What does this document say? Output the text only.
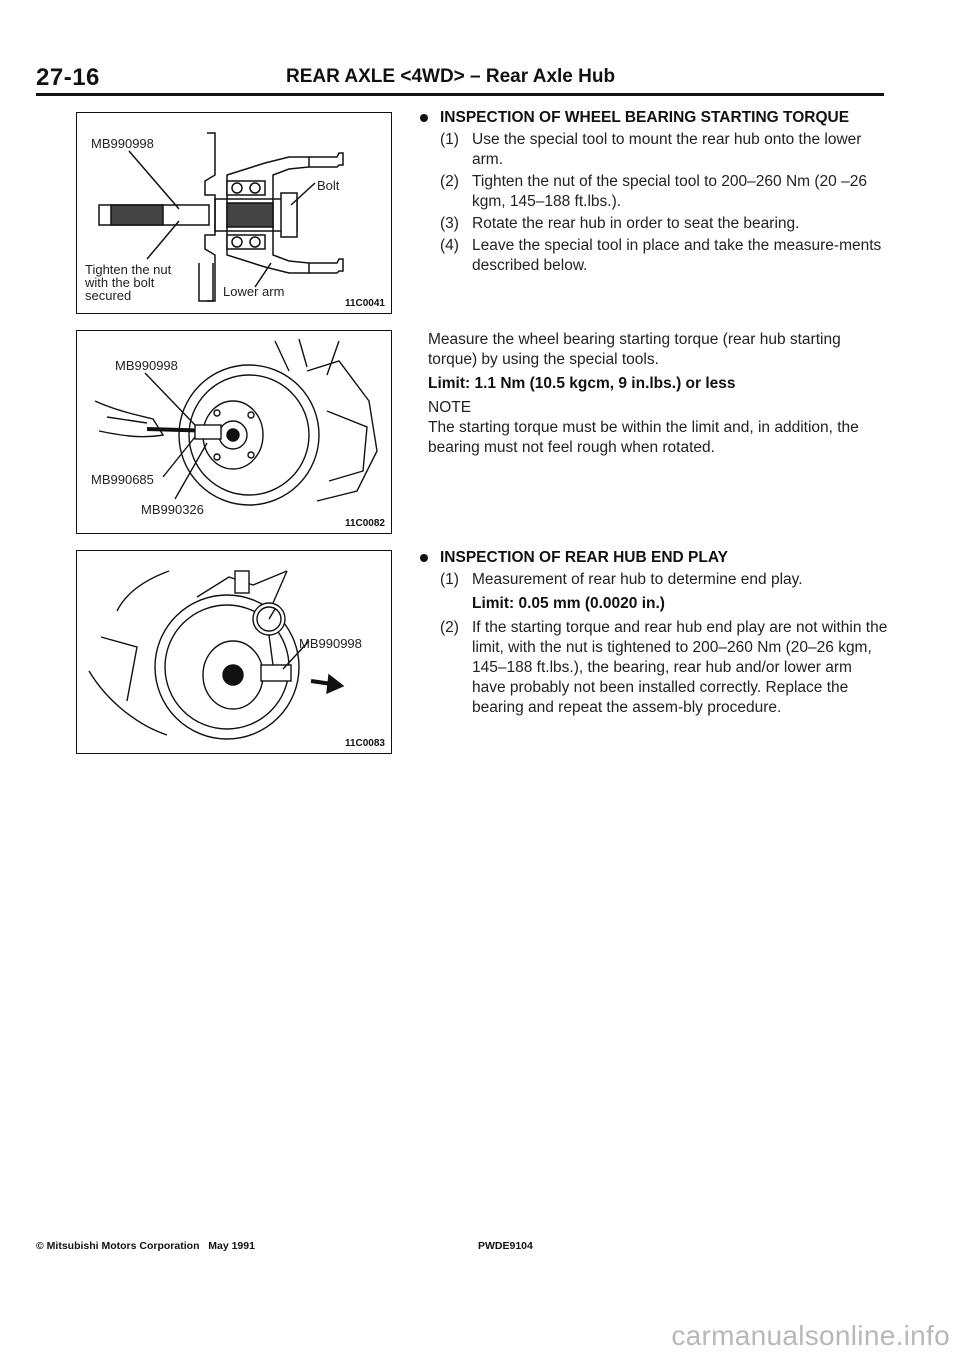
27-16	REAR AXLE <4WD> – Rear Axle Hub
MB990998
Bolt
Tighten the nut
with the bolt
secured	Lower arm
11C0041
MB990998
MB990685
MB990326
11C0082
MB990998
11C0083
INSPECTION OF WHEEL BEARING STARTING TORQUE
(1) Use the special tool to mount the rear hub onto the lower arm.
(2) Tighten the nut of the special tool to 200–260 Nm (20 –26 kgm, 145–188 ft.lbs.).
(3) Rotate the rear hub in order to seat the bearing.
(4) Leave the special tool in place and take the measure-ments described below.
Measure the wheel bearing starting torque (rear hub starting torque) by using the special tools.
Limit: 1.1 Nm (10.5 kgcm, 9 in.lbs.) or less
NOTE
The starting torque must be within the limit and, in addition, the bearing must not feel rough when rotated.
INSPECTION OF REAR HUB END PLAY
(1) Measurement of rear hub to determine end play.
Limit: 0.05 mm (0.0020 in.)
(2) If the starting torque and rear hub end play are not within the limit, with the nut is tightened to 200–260 Nm (20–26 kgm, 145–188 ft.lbs.), the bearing, rear hub and/or lower arm have probably not been installed correctly. Replace the bearing and repeat the assem-bly procedure.
© Mitsubishi Motors Corporation   May 1991	PWDE9104
carmanualsonline.info
